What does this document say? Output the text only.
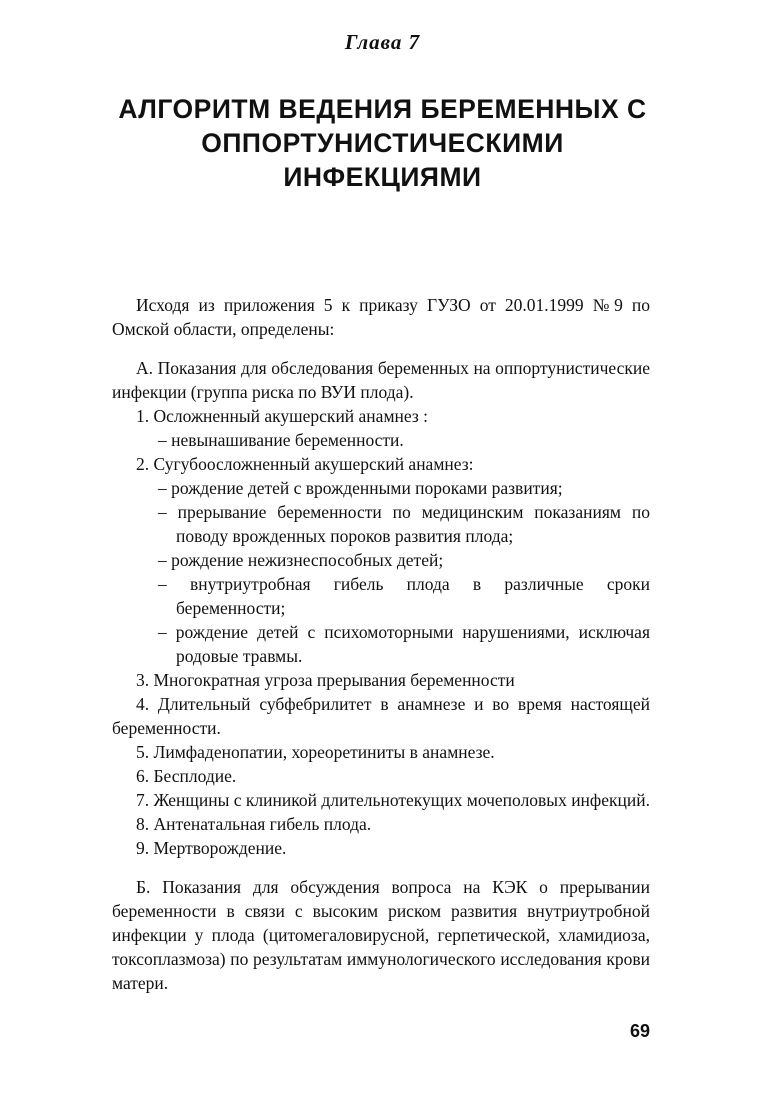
Глава 7
АЛГОРИТМ ВЕДЕНИЯ БЕРЕМЕННЫХ С
ОППОРТУНИСТИЧЕСКИМИ
ИНФЕКЦИЯМИ

Исходя из приложения 5 к приказу ГУЗО от 20.01.1999 №9 по Омской области, определены:

А. Показания для обследования беременных на оппортунистические инфекции (группа риска по ВУИ плода).

1. Осложненный акушерский анамнез :

– невынашивание беременности.

2. Сугубоосложненный акушерский анамнез:

– рождение детей с врожденными пороками развития;

– прерывание беременности по медицинским показаниям по поводу врожденных пороков развития плода;

– рождение нежизнеспособных детей;

– внутриутробная гибель плода в различные сроки беременности;

– рождение детей с психомоторными нарушениями, исключая родовые травмы.

3. Многократная угроза прерывания беременности

4. Длительный субфебрилитет в анамнезе и во время настоящей беременности.

5. Лимфаденопатии, хореоретиниты в анамнезе.

6. Бесплодие.

7. Женщины с клиникой длительнотекущих мочеполовых инфекций.

8. Антенатальная гибель плода.

9. Мертворождение.

Б. Показания для обсуждения вопроса на КЭК о прерывании беременности в связи с высоким риском развития внутриутробной инфекции у плода (цитомегаловирусной, герпетической, хламидиоза, токсоплазмоза) по результатам иммунологического исследования крови матери.

69
